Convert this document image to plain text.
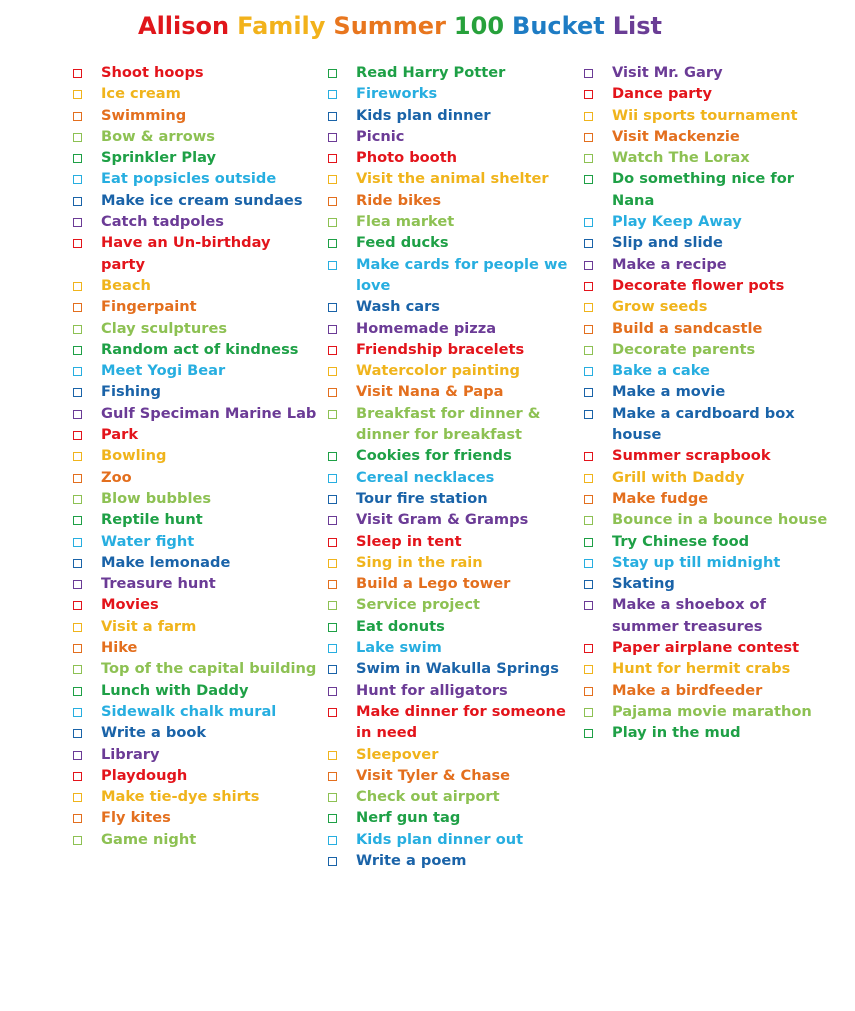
Allison Family Summer 100 Bucket List
Shoot hoops
Ice cream
Swimming
Bow & arrows
Sprinkler Play
Eat popsicles outside
Make ice cream sundaes
Catch tadpoles
Have an Un-birthday party
Beach
Fingerpaint
Clay sculptures
Random act of kindness
Meet Yogi Bear
Fishing
Gulf Speciman Marine Lab
Park
Bowling
Zoo
Blow bubbles
Reptile hunt
Water fight
Make lemonade
Treasure hunt
Movies
Visit a farm
Hike
Top of the capital building
Lunch with Daddy
Sidewalk chalk mural
Write a book
Library
Playdough
Make tie-dye shirts
Fly kites
Game night
Read Harry Potter
Fireworks
Kids plan dinner
Picnic
Photo booth
Visit the animal shelter
Ride bikes
Flea market
Feed ducks
Make cards for people we love
Wash cars
Homemade pizza
Friendship bracelets
Watercolor painting
Visit Nana & Papa
Breakfast for dinner & dinner for breakfast
Cookies for friends
Cereal necklaces
Tour fire station
Visit Gram & Gramps
Sleep in tent
Sing in the rain
Build a Lego tower
Service project
Eat donuts
Lake swim
Swim in Wakulla Springs
Hunt for alligators
Make dinner for someone in need
Sleepover
Visit Tyler & Chase
Check out airport
Nerf gun tag
Kids plan dinner out
Write a poem
Visit Mr. Gary
Dance party
Wii sports tournament
Visit Mackenzie
Watch The Lorax
Do something nice for Nana
Play Keep Away
Slip and slide
Make a recipe
Decorate flower pots
Grow seeds
Build a sandcastle
Decorate parents
Bake a cake
Make a movie
Make a cardboard box house
Summer scrapbook
Grill with Daddy
Make fudge
Bounce in a bounce house
Try Chinese food
Stay up till midnight
Skating
Make a shoebox of summer treasures
Paper airplane contest
Hunt for hermit crabs
Make a birdfeeder
Pajama movie marathon
Play in the mud
